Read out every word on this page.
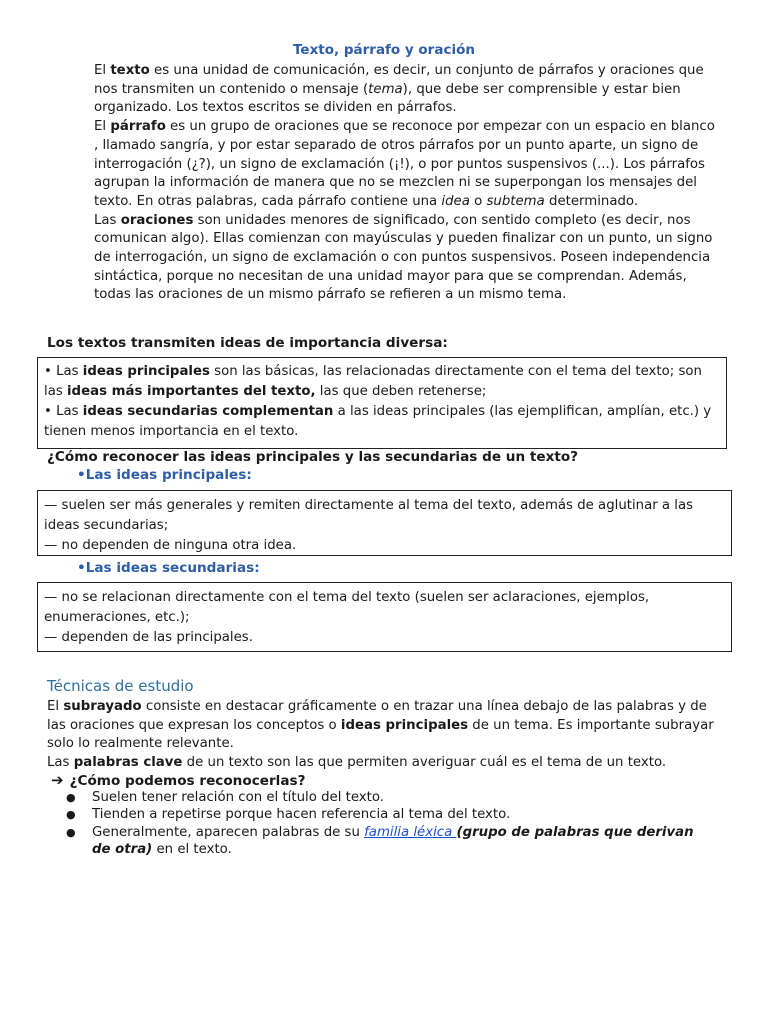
Texto, párrafo y oración

El texto es una unidad de comunicación, es decir, un conjunto de párrafos y oraciones que nos transmiten un contenido o mensaje (tema), que debe ser comprensible y estar bien organizado. Los textos escritos se dividen en párrafos.

El párrafo es un grupo de oraciones que se reconoce por empezar con un espacio en blanco , llamado sangría, y por estar separado de otros párrafos por un punto aparte, un signo de interrogación (¿?), un signo de exclamación (¡!), o por puntos suspensivos (...). Los párrafos agrupan la información de manera que no se mezclen ni se superpongan los mensajes del texto. En otras palabras, cada párrafo contiene una idea o subtema determinado.

Las oraciones son unidades menores de significado, con sentido completo (es decir, nos comunican algo). Ellas comienzan con mayúsculas y pueden finalizar con un punto, un signo de interrogación, un signo de exclamación o con puntos suspensivos. Poseen independencia sintáctica, porque no necesitan de una unidad mayor para que se comprendan. Además, todas las oraciones de un mismo párrafo se refieren a un mismo tema.

Los textos transmiten ideas de importancia diversa:

• Las ideas principales son las básicas, las relacionadas directamente con el tema del texto; son las ideas más importantes del texto, las que deben retenerse;

• Las ideas secundarias complementan a las ideas principales (las ejemplifican, amplían, etc.) y tienen menos importancia en el texto.

¿Cómo reconocer las ideas principales y las secundarias de un texto?
•Las ideas principales:

— suelen ser más generales y remiten directamente al tema del texto, además de aglutinar a las ideas secundarias;

— no dependen de ninguna otra idea.

•Las ideas secundarias:

— no se relacionan directamente con el tema del texto (suelen ser aclaraciones, ejemplos, enumeraciones, etc.);

— dependen de las principales.

Técnicas de estudio

El subrayado consiste en destacar gráficamente o en trazar una línea debajo de las palabras y de las oraciones que expresan los conceptos o ideas principales de un tema. Es importante subrayar solo lo realmente relevante.

Las palabras clave de un texto son las que permiten averiguar cuál es el tema de un texto.

➔ ¿Cómo podemos reconocerlas?
● Suelen tener relación con el título del texto.
● Tienden a repetirse porque hacen referencia al tema del texto.
● Generalmente, aparecen palabras de su familia léxica (grupo de palabras que derivan de otra) en el texto.
